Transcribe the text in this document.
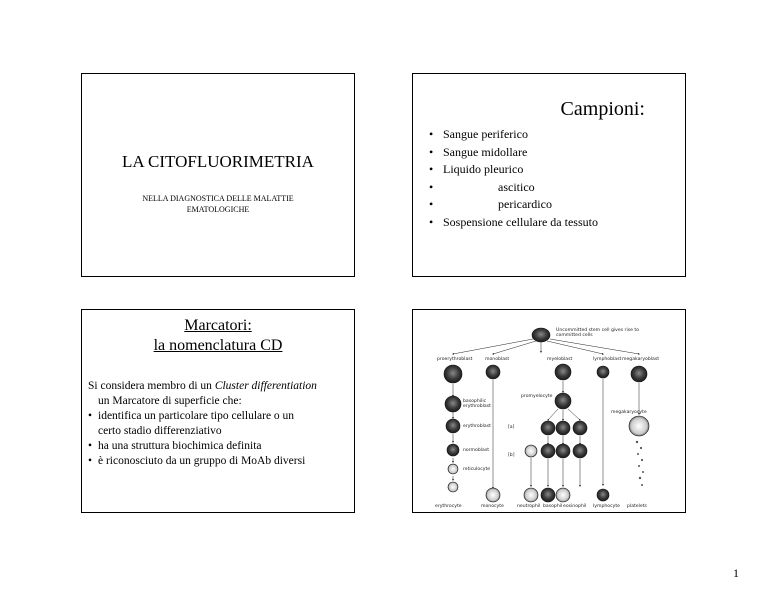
LA CITOFLUORIMETRIA
NELLA DIAGNOSTICA DELLE MALATTIE
EMATOLOGICHE
Campioni:
• Sangue periferico
• Sangue midollare
• Liquido pleurico
• ascitico
• pericardico
• Sospensione cellulare da tessuto
Marcatori:
la nomenclatura CD

Si considera membro di un Cluster differentiation
un Marcatore di superficie che:

• identifica un particolare tipo cellulare o un
certo stadio differenziativo
• ha una struttura biochimica definita
• è riconosciuto da un gruppo di MoAb diversi
Uncommitted stem cell gives rise to
committed cells
proerythroblast	monoblast	myeloblast	lymphoblast megakaryoblast
promyelocyte
basophilic
erythroblast
megakaryocyte
erythroblast	[a]
[b]
normoblast
reticulocyte
erythrocyte	monocyte	neutrophil basophil eosinophil lymphocyte platelets
1
